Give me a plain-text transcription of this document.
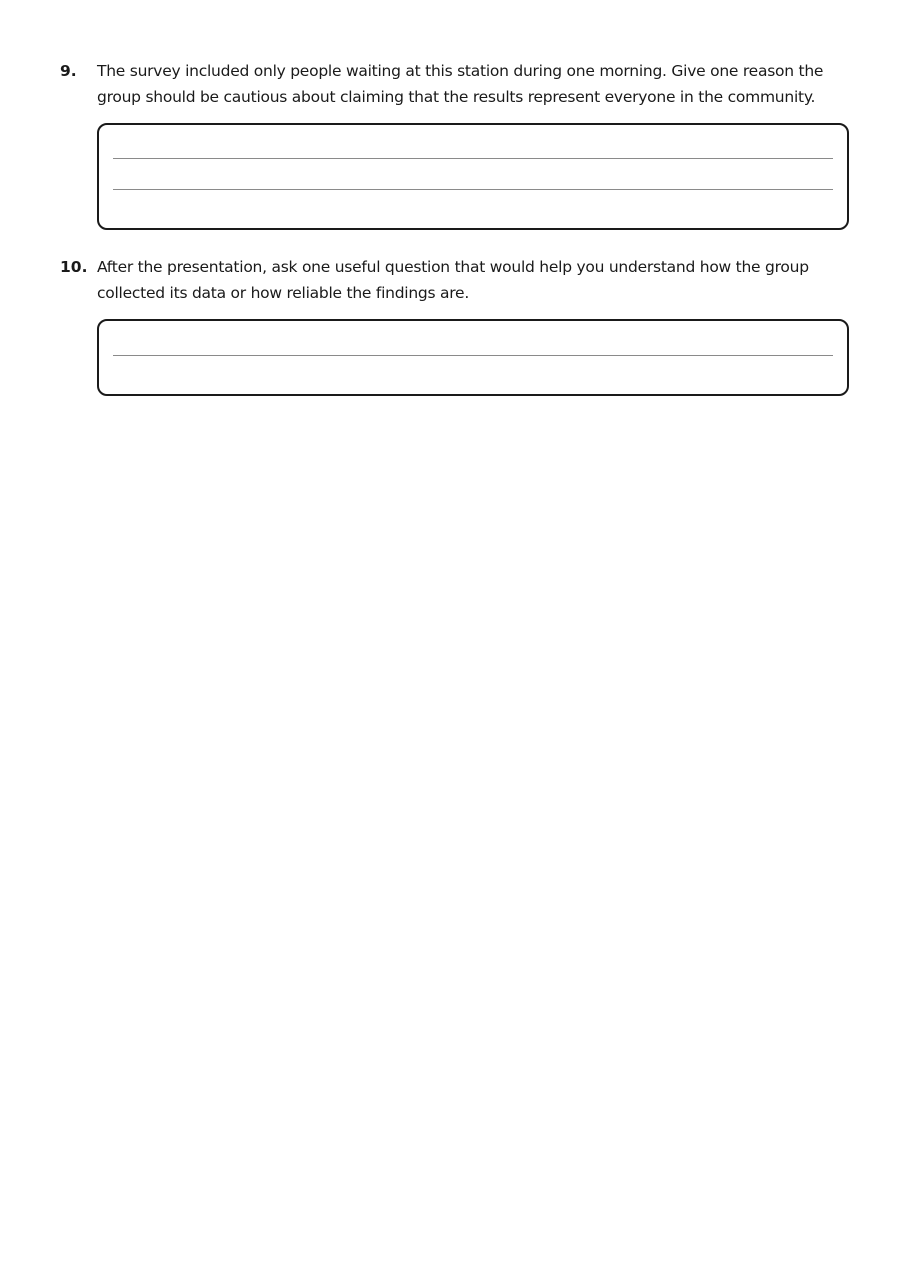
9.	The survey included only people waiting at this station during one morning. Give one reason the group should be cautious about claiming that the results represent everyone in the community.
10. After the presentation, ask one useful question that would help you understand how the group collected its data or how reliable the findings are.
